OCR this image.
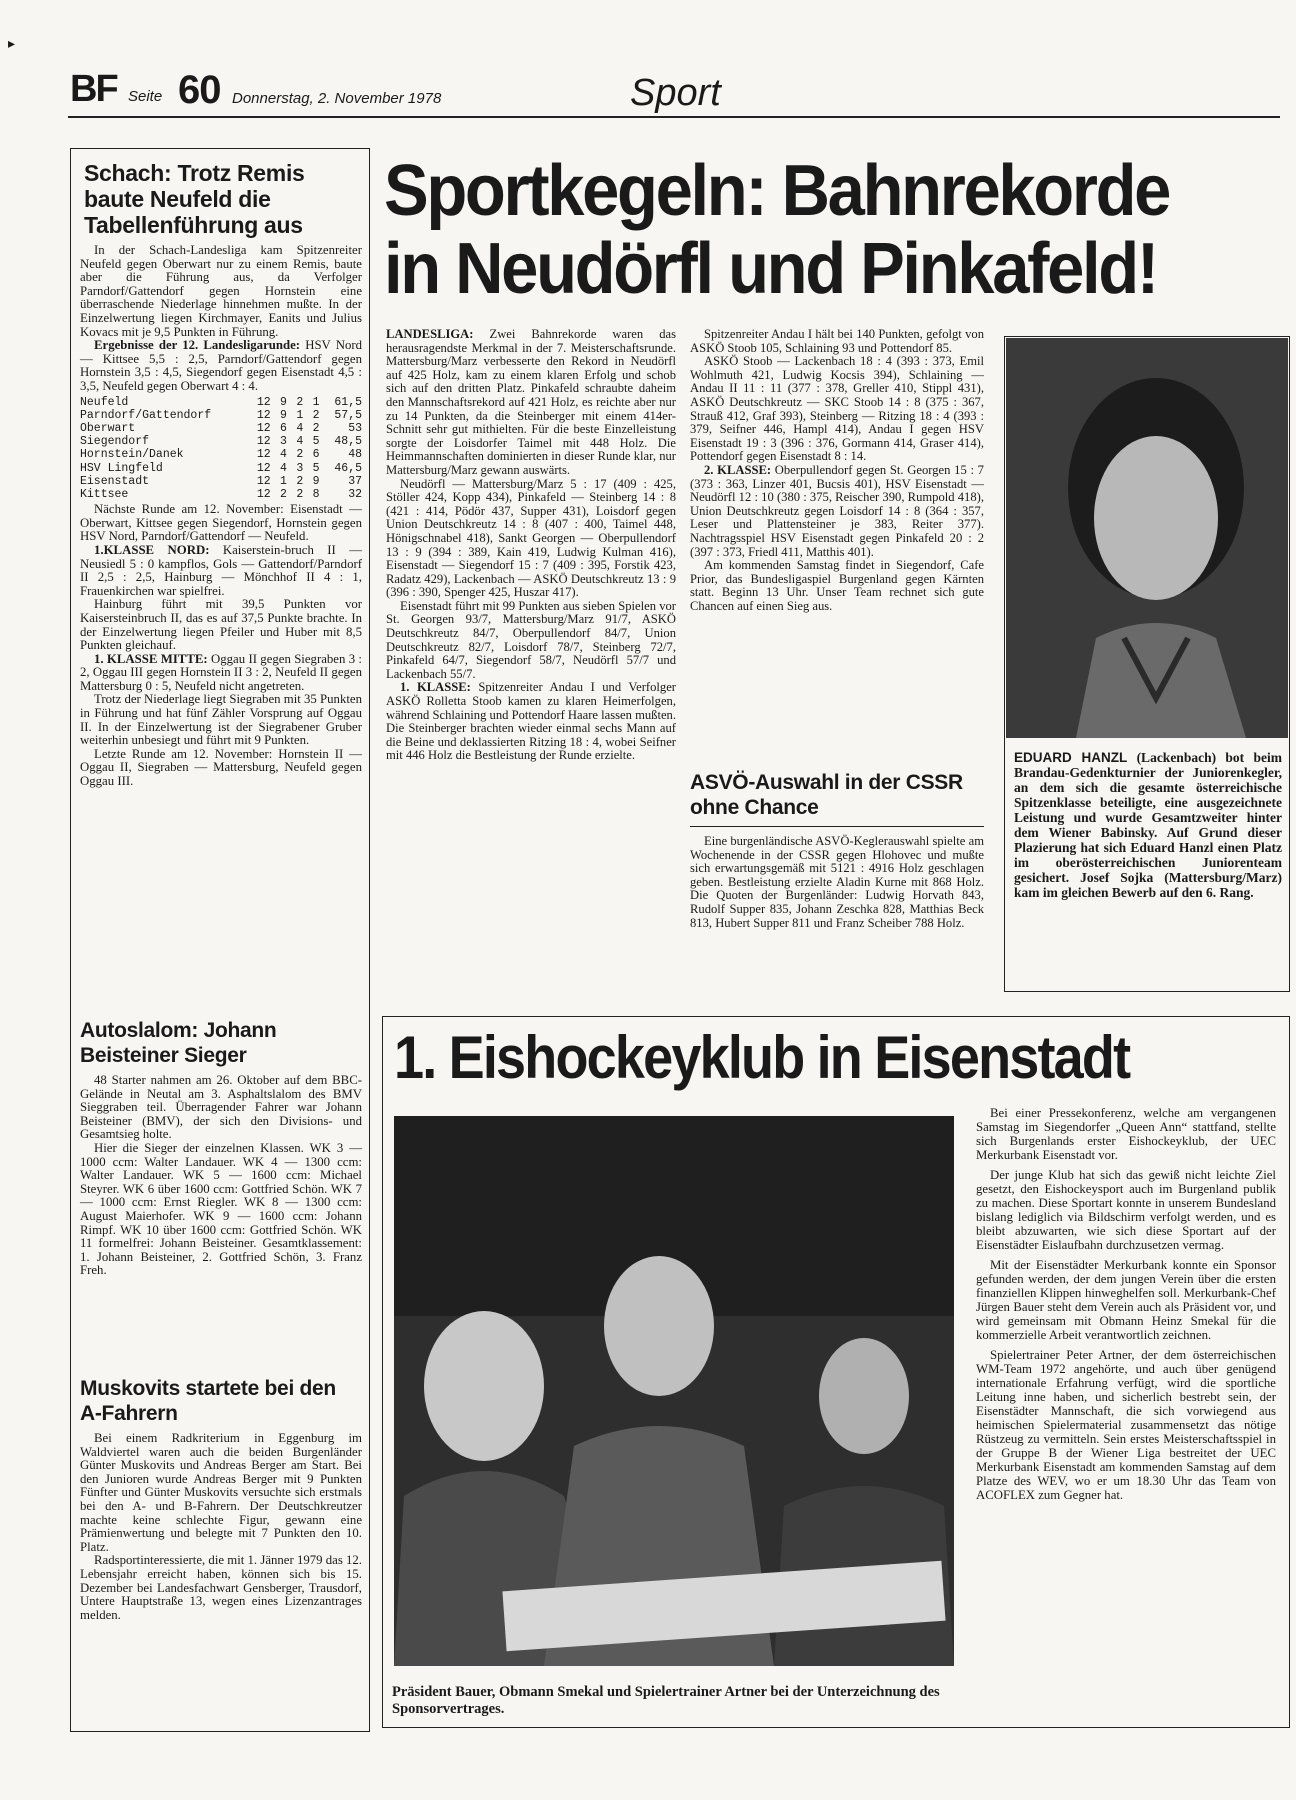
▸
BF Seite 60 Donnerstag, 2. November 1978	Sport
Schach: Trotz Remis baute Neufeld die Tabellenführung aus

In der Schach-Landesliga kam Spitzenreiter Neufeld gegen Oberwart nur zu einem Remis, baute aber die Führung aus, da Verfolger Parndorf/Gattendorf gegen Hornstein eine überraschende Niederlage hinnehmen mußte. In der Einzelwertung liegen Kirchmayer, Eanits und Julius Kovacs mit je 9,5 Punkten in Führung.

Ergebnisse der 12. Landesligarunde: HSV Nord — Kittsee 5,5 : 2,5, Parndorf/Gattendorf gegen Hornstein 3,5 : 4,5, Siegendorf gegen Eisenstadt 4,5 : 3,5, Neufeld gegen Oberwart 4 : 4.

Neufeld	12	9	2	1	61,5
Parndorf/Gattendorf	12	9	1	2	57,5
Oberwart	12	6	4	2	53
Siegendorf	12	3	4	5	48,5
Hornstein/Danek	12	4	2	6	48
HSV Lingfeld	12	4	3	5	46,5
Eisenstadt	12	1	2	9	37
Kittsee	12	2	2	8	32

Nächste Runde am 12. November: Eisenstadt — Oberwart, Kittsee gegen Siegendorf, Hornstein gegen HSV Nord, Parndorf/Gattendorf — Neufeld.

1.KLASSE NORD: Kaiserstein-bruch II — Neusiedl 5 : 0 kampflos, Gols — Gattendorf/Parndorf II 2,5 : 2,5, Hainburg — Mönchhof II 4 : 1, Frauenkirchen war spielfrei.

Hainburg führt mit 39,5 Punkten vor Kaisersteinbruch II, das es auf 37,5 Punkte brachte. In der Einzelwertung liegen Pfeiler und Huber mit 8,5 Punkten gleichauf.

1. KLASSE MITTE: Oggau II gegen Siegraben 3 : 2, Oggau III gegen Hornstein II 3 : 2, Neufeld II gegen Mattersburg 0 : 5, Neufeld nicht angetreten.

Trotz der Niederlage liegt Siegraben mit 35 Punkten in Führung und hat fünf Zähler Vorsprung auf Oggau II. In der Einzelwertung ist der Siegrabener Gruber weiterhin unbesiegt und führt mit 9 Punkten.

Letzte Runde am 12. November: Hornstein II — Oggau II, Siegraben — Mattersburg, Neufeld gegen Oggau III.

Autoslalom: Johann Beisteiner Sieger

48 Starter nahmen am 26. Oktober auf dem BBC-Gelände in Neutal am 3. Asphaltslalom des BMV Sieggraben teil. Überragender Fahrer war Johann Beisteiner (BMV), der sich den Divisions- und Gesamtsieg holte.

Hier die Sieger der einzelnen Klassen. WK 3 — 1000 ccm: Walter Landauer. WK 4 — 1300 ccm: Walter Landauer. WK 5 — 1600 ccm: Michael Steyrer. WK 6 über 1600 ccm: Gottfried Schön. WK 7 — 1000 ccm: Ernst Riegler. WK 8 — 1300 ccm: August Maierhofer. WK 9 — 1600 ccm: Johann Rimpf. WK 10 über 1600 ccm: Gottfried Schön. WK 11 formelfrei: Johann Beisteiner. Gesamtklassement: 1. Johann Beisteiner, 2. Gottfried Schön, 3. Franz Freh.

Muskovits startete bei den A-Fahrern

Bei einem Radkriterium in Eggenburg im Waldviertel waren auch die beiden Burgenländer Günter Muskovits und Andreas Berger am Start. Bei den Junioren wurde Andreas Berger mit 9 Punkten Fünfter und Günter Muskovits versuchte sich erstmals bei den A- und B-Fahrern. Der Deutschkreutzer machte keine schlechte Figur, gewann eine Prämienwertung und belegte mit 7 Punkten den 10. Platz.

Radsportinteressierte, die mit 1. Jänner 1979 das 12. Lebensjahr erreicht haben, können sich bis 15. Dezember bei Landesfachwart Gensberger, Trausdorf, Untere Hauptstraße 13, wegen eines Lizenzantrages melden.

Sportkegeln: Bahnrekorde
in Neudörfl und Pinkafeld!

LANDESLIGA: Zwei Bahnrekorde waren das herausragendste Merkmal in der 7. Meisterschaftsrunde. Mattersburg/Marz verbesserte den Rekord in Neudörfl auf 425 Holz, kam zu einem klaren Erfolg und schob sich auf den dritten Platz. Pinkafeld schraubte daheim den Mannschaftsrekord auf 421 Holz, es reichte aber nur zu 14 Punkten, da die Steinberger mit einem 414er-Schnitt sehr gut mithielten. Für die beste Einzelleistung sorgte der Loisdorfer Taimel mit 448 Holz. Die Heimmannschaften dominierten in dieser Runde klar, nur Mattersburg/Marz gewann auswärts.

Neudörfl — Mattersburg/Marz 5 : 17 (409 : 425, Stöller 424, Kopp 434), Pinkafeld — Steinberg 14 : 8 (421 : 414, Pödör 437, Supper 431), Loisdorf gegen Union Deutschkreutz 14 : 8 (407 : 400, Taimel 448, Hönigschnabel 418), Sankt Georgen — Oberpullendorf 13 : 9 (394 : 389, Kain 419, Ludwig Kulman 416), Eisenstadt — Siegendorf 15 : 7 (409 : 395, Forstik 423, Radatz 429), Lackenbach — ASKÖ Deutschkreutz 13 : 9 (396 : 390, Spenger 425, Huszar 417).

Eisenstadt führt mit 99 Punkten aus sieben Spielen vor St. Georgen 93/7, Mattersburg/Marz 91/7, ASKÖ Deutschkreutz 84/7, Oberpullendorf 84/7, Union Deutschkreutz 82/7, Loisdorf 78/7, Steinberg 72/7, Pinkafeld 64/7, Siegendorf 58/7, Neudörfl 57/7 und Lackenbach 55/7.

1. KLASSE: Spitzenreiter Andau I und Verfolger ASKÖ Rolletta Stoob kamen zu klaren Heimerfolgen, während Schlaining und Pottendorf Haare lassen mußten. Die Steinberger brachten wieder einmal sechs Mann auf die Beine und deklassierten Ritzing 18 : 4, wobei Seifner mit 446 Holz die Bestleistung der Runde erzielte.

Spitzenreiter Andau I hält bei 140 Punkten, gefolgt von ASKÖ Stoob 105, Schlaining 93 und Pottendorf 85.

ASKÖ Stoob — Lackenbach 18 : 4 (393 : 373, Emil Wohlmuth 421, Ludwig Kocsis 394), Schlaining — Andau II 11 : 11 (377 : 378, Greller 410, Stippl 431), ASKÖ Deutschkreutz — SKC Stoob 14 : 8 (375 : 367, Strauß 412, Graf 393), Steinberg — Ritzing 18 : 4 (393 : 379, Seifner 446, Hampl 414), Andau I gegen HSV Eisenstadt 19 : 3 (396 : 376, Gormann 414, Graser 414), Pottendorf gegen Eisenstadt 8 : 14.

2. KLASSE: Oberpullendorf gegen St. Georgen 15 : 7 (373 : 363, Linzer 401, Bucsis 401), HSV Eisenstadt — Neudörfl 12 : 10 (380 : 375, Reischer 390, Rumpold 418), Union Deutschkreutz gegen Loisdorf 14 : 8 (364 : 357, Leser und Plattensteiner je 383, Reiter 377). Nachtragsspiel HSV Eisenstadt gegen Pinkafeld 20 : 2 (397 : 373, Friedl 411, Matthis 401).

Am kommenden Samstag findet in Siegendorf, Cafe Prior, das Bundesligaspiel Burgenland gegen Kärnten statt. Beginn 13 Uhr. Unser Team rechnet sich gute Chancen auf einen Sieg aus.

ASVÖ-Auswahl in der CSSR ohne Chance

Eine burgenländische ASVÖ-Keglerauswahl spielte am Wochenende in der CSSR gegen Hlohovec und mußte sich erwartungsgemäß mit 5121 : 4916 Holz geschlagen geben. Bestleistung erzielte Aladin Kurne mit 868 Holz. Die Quoten der Burgenländer: Ludwig Horvath 843, Rudolf Supper 835, Johann Zeschka 828, Matthias Beck 813, Hubert Supper 811 und Franz Scheiber 788 Holz.

EDUARD HANZL (Lackenbach) bot beim Brandau-Gedenkturnier der Juniorenkegler, an dem sich die gesamte österreichische Spitzenklasse beteiligte, eine ausgezeichnete Leistung und wurde Gesamtzweiter hinter dem Wiener Babinsky. Auf Grund dieser Plazierung hat sich Eduard Hanzl einen Platz im oberösterreichischen Juniorenteam gesichert. Josef Sojka (Mattersburg/Marz) kam im gleichen Bewerb auf den 6. Rang.
1. Eishockeyklub in Eisenstadt
Präsident Bauer, Obmann Smekal und Spielertrainer Artner bei der Unterzeichnung des Sponsorvertrages.

Bei einer Pressekonferenz, welche am vergangenen Samstag im Siegendorfer „Queen Ann“ stattfand, stellte sich Burgenlands erster Eishockeyklub, der UEC Merkurbank Eisenstadt vor.

Der junge Klub hat sich das gewiß nicht leichte Ziel gesetzt, den Eishockeysport auch im Burgenland publik zu machen. Diese Sportart konnte in unserem Bundesland bislang lediglich via Bildschirm verfolgt werden, und es bleibt abzuwarten, wie sich diese Sportart auf der Eisenstädter Eislaufbahn durchzusetzen vermag.

Mit der Eisenstädter Merkurbank konnte ein Sponsor gefunden werden, der dem jungen Verein über die ersten finanziellen Klippen hinweghelfen soll. Merkurbank-Chef Jürgen Bauer steht dem Verein auch als Präsident vor, und wird gemeinsam mit Obmann Heinz Smekal für die kommerzielle Arbeit verantwortlich zeichnen.

Spielertrainer Peter Artner, der dem österreichischen WM-Team 1972 angehörte, und auch über genügend internationale Erfahrung verfügt, wird die sportliche Leitung inne haben, und sicherlich bestrebt sein, der Eisenstädter Mannschaft, die sich vorwiegend aus heimischen Spielermaterial zusammensetzt das nötige Rüstzeug zu vermitteln. Sein erstes Meisterschaftsspiel in der Gruppe B der Wiener Liga bestreitet der UEC Merkurbank Eisenstadt am kommenden Samstag auf dem Platze des WEV, wo er um 18.30 Uhr das Team von ACOFLEX zum Gegner hat.
